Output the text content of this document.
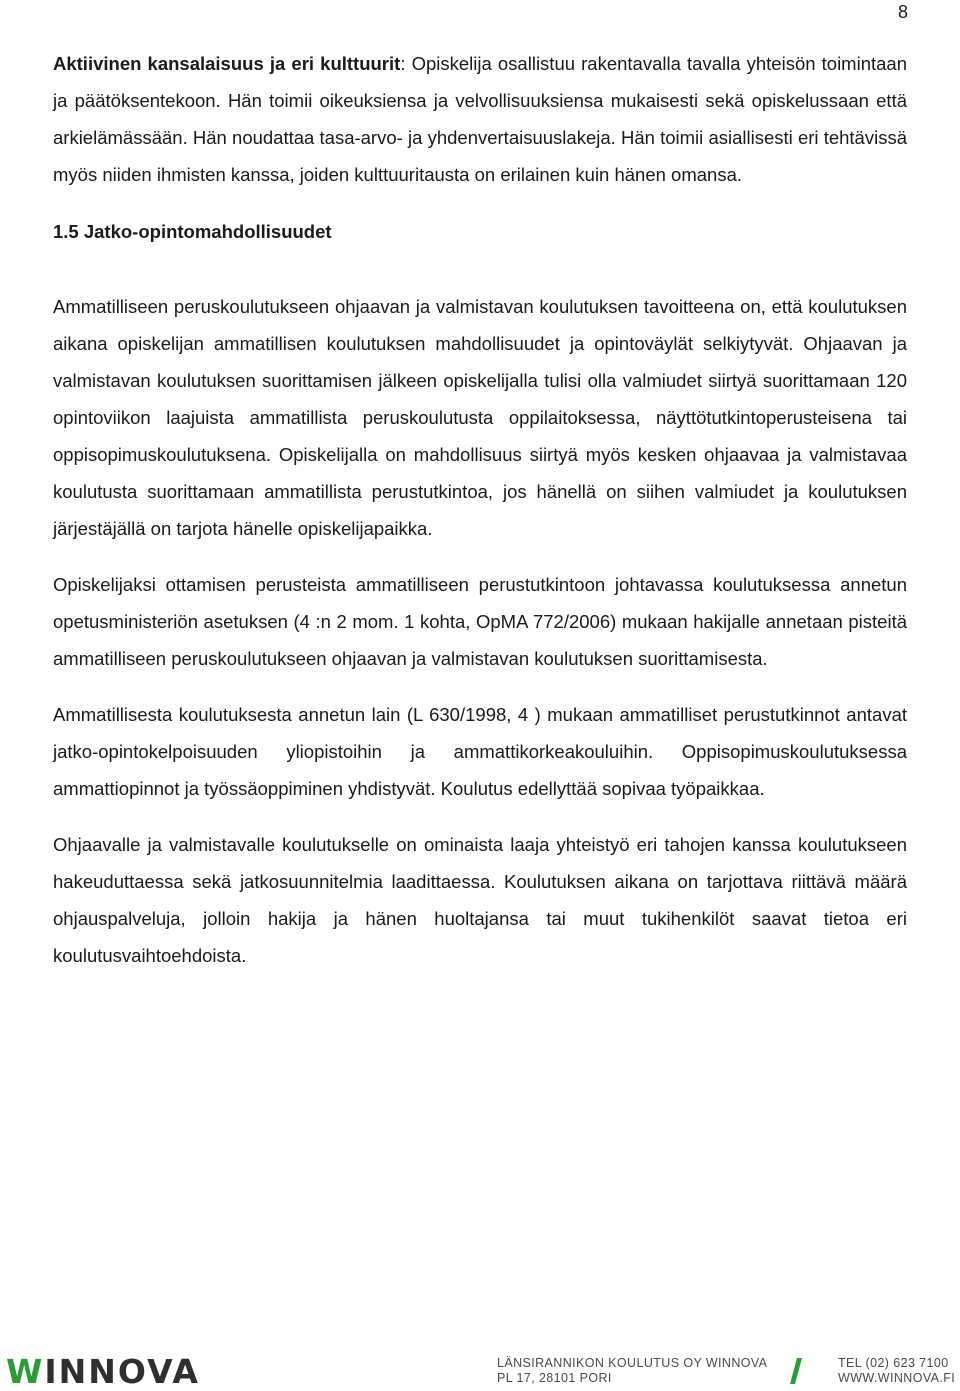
8

Aktiivinen kansalaisuus ja eri kulttuurit: Opiskelija osallistuu rakentavalla tavalla yhteisön toimintaan ja päätöksentekoon. Hän toimii oikeuksiensa ja velvollisuuksiensa mukaisesti sekä opiskelussaan että arkielämässään. Hän noudattaa tasa-arvo- ja yhdenvertaisuuslakeja. Hän toimii asiallisesti eri tehtävissä myös niiden ihmisten kanssa, joiden kulttuuritausta on erilainen kuin hänen omansa.

1.5 Jatko-opintomahdollisuudet

Ammatilliseen peruskoulutukseen ohjaavan ja valmistavan koulutuksen tavoitteena on, että koulutuksen aikana opiskelijan ammatillisen koulutuksen mahdollisuudet ja opintoväylät selkiytyvät. Ohjaavan ja valmistavan koulutuksen suorittamisen jälkeen opiskelijalla tulisi olla valmiudet siirtyä suorittamaan 120 opintoviikon laajuista ammatillista peruskoulutusta oppilaitoksessa, näyttötutkintoperusteisena tai oppisopimuskoulutuksena. Opiskelijalla on mahdollisuus siirtyä myös kesken ohjaavaa ja valmistavaa koulutusta suorittamaan ammatillista perustutkintoa, jos hänellä on siihen valmiudet ja koulutuksen järjestäjällä on tarjota hänelle opiskelijapaikka.

Opiskelijaksi ottamisen perusteista ammatilliseen perustutkintoon johtavassa koulutuksessa annetun opetusministeriön asetuksen (4 :n 2 mom. 1 kohta, OpMA 772/2006) mukaan hakijalle annetaan pisteitä ammatilliseen peruskoulutukseen ohjaavan ja valmistavan koulutuksen suorittamisesta.

Ammatillisesta koulutuksesta annetun lain (L 630/1998, 4 ) mukaan ammatilliset perustutkinnot antavat jatko-opintokelpoisuuden yliopistoihin ja ammattikorkeakouluihin. Oppisopimuskoulutuksessa ammattiopinnot ja työssäoppiminen yhdistyvät. Koulutus edellyttää sopivaa työpaikkaa.

Ohjaavalle ja valmistavalle koulutukselle on ominaista laaja yhteistyö eri tahojen kanssa koulutukseen hakeuduttaessa sekä jatkosuunnitelmia laadittaessa. Koulutuksen aikana on tarjottava riittävä määrä ohjauspalveluja, jolloin hakija ja hänen huoltajansa tai muut tukihenkilöt saavat tietoa eri koulutusvaihtoehdoista.

WINNOVA	LÄNSIRANNIKON KOULUTUS OY WINNOVA
PL 17, 28101 PORI
TEL (02) 623 7100
WWW.WINNOVA.FI
